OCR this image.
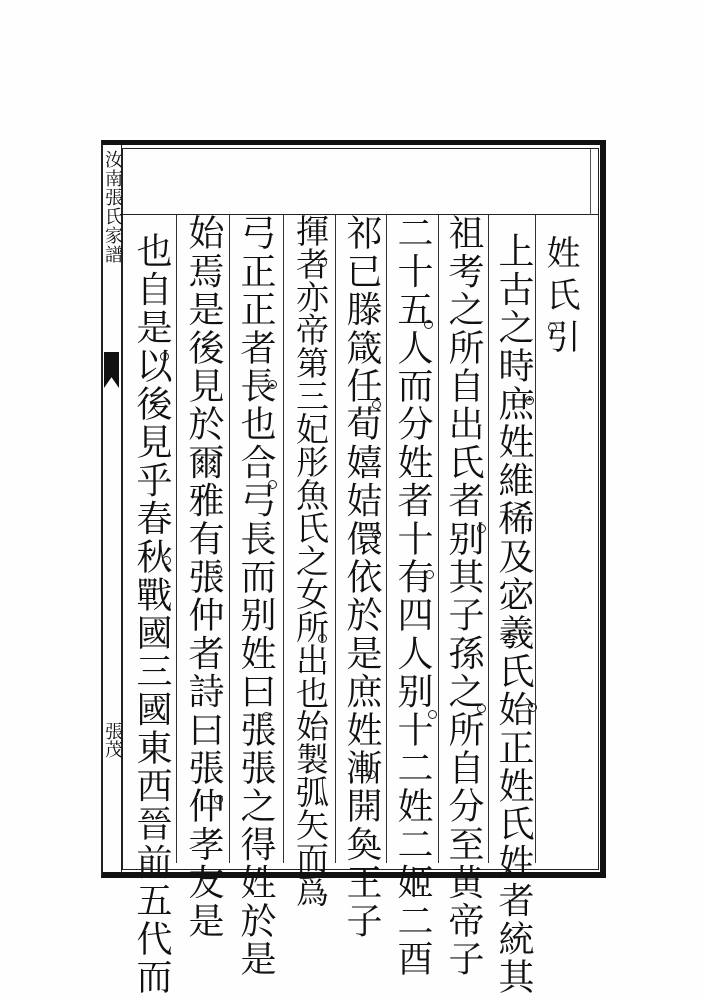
汝南張氏家譜
張茂
姓氏引
上古之時庶姓維稀及宓羲氏始正姓氏姓者統其
祖考之所自出氏者别其子孫之所自分至黄帝子
二十五人而分姓者十有四人别十二姓二姬二酉
祁已滕箴任荀嬉姞儇依於是庶姓漸開奐王子
揮者亦帝第三妃彤魚氏之女所出也始製弧矢而爲
弓正正者長也合弓長而别姓曰張張之得姓於是
始焉是後見於爾雅有張仲者詩曰張仲孝友是
也自是以後見乎春秋戰國三國東西晉前五代而
